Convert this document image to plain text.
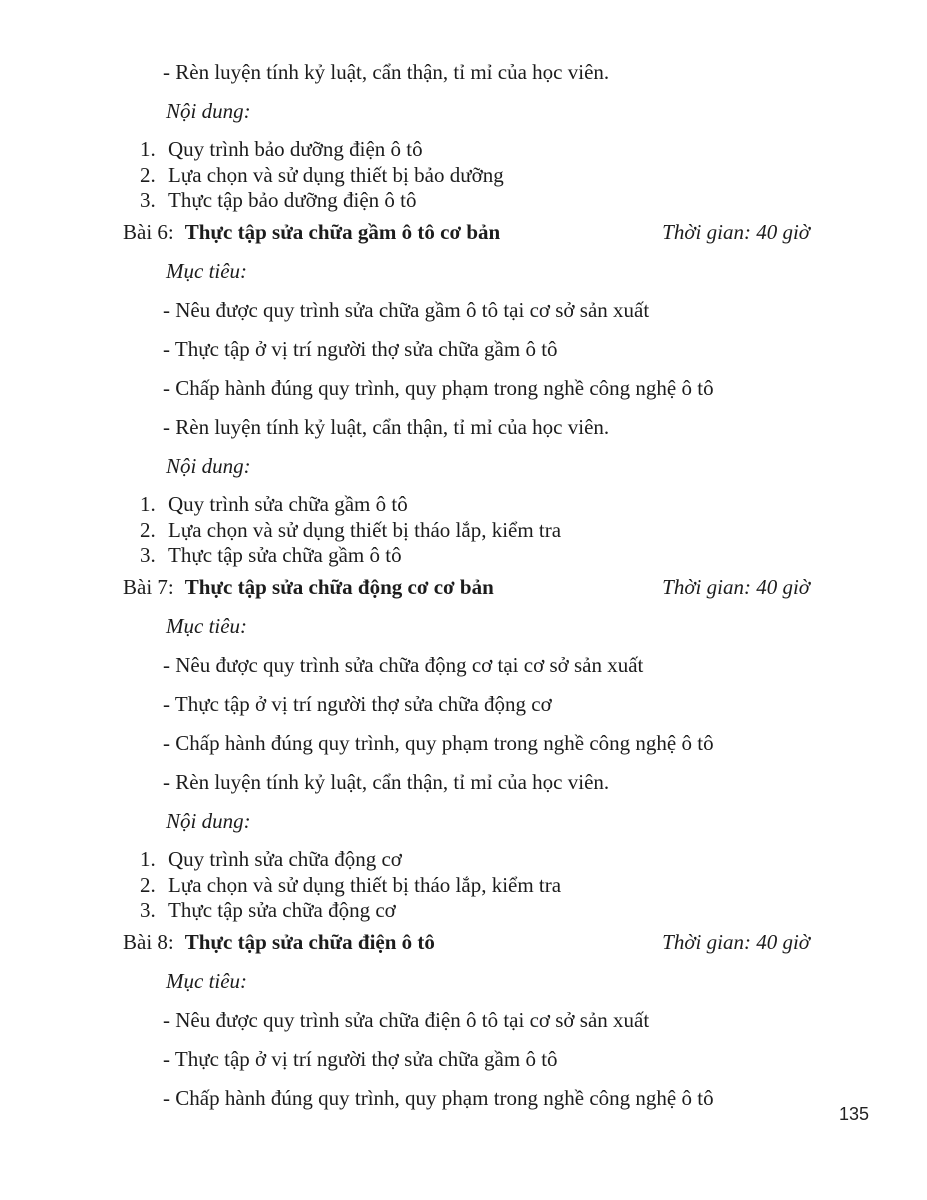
- Rèn luyện tính kỷ luật, cẩn thận, tỉ mỉ của học viên.

Nội dung:

1. Quy trình bảo dưỡng điện ô tô
2. Lựa chọn và sử dụng thiết bị bảo dưỡng
3. Thực tập bảo dưỡng điện ô tô
Bài 6: Thực tập sửa chữa gầm ô tô cơ bản	Thời gian: 40 giờ

Mục tiêu:

- Nêu được quy trình sửa chữa gầm ô tô tại cơ sở sản xuất

- Thực tập ở vị trí người thợ sửa chữa gầm ô tô

- Chấp hành đúng quy trình, quy phạm trong nghề công nghệ ô tô

- Rèn luyện tính kỷ luật, cẩn thận, tỉ mỉ của học viên.

Nội dung:

1. Quy trình sửa chữa gầm ô tô
2. Lựa chọn và sử dụng thiết bị tháo lắp, kiểm tra
3. Thực tập sửa chữa gầm ô tô
Bài 7: Thực tập sửa chữa động cơ cơ bản	Thời gian: 40 giờ

Mục tiêu:

- Nêu được quy trình sửa chữa động cơ tại cơ sở sản xuất

- Thực tập ở vị trí người thợ sửa chữa động cơ

- Chấp hành đúng quy trình, quy phạm trong nghề công nghệ ô tô

- Rèn luyện tính kỷ luật, cẩn thận, tỉ mỉ của học viên.

Nội dung:

1. Quy trình sửa chữa động cơ
2. Lựa chọn và sử dụng thiết bị tháo lắp, kiểm tra
3. Thực tập sửa chữa động cơ
Bài 8: Thực tập sửa chữa điện ô tô	Thời gian: 40 giờ

Mục tiêu:

- Nêu được quy trình sửa chữa điện ô tô tại cơ sở sản xuất

- Thực tập ở vị trí người thợ sửa chữa gầm ô tô

- Chấp hành đúng quy trình, quy phạm trong nghề công nghệ ô tô

135
